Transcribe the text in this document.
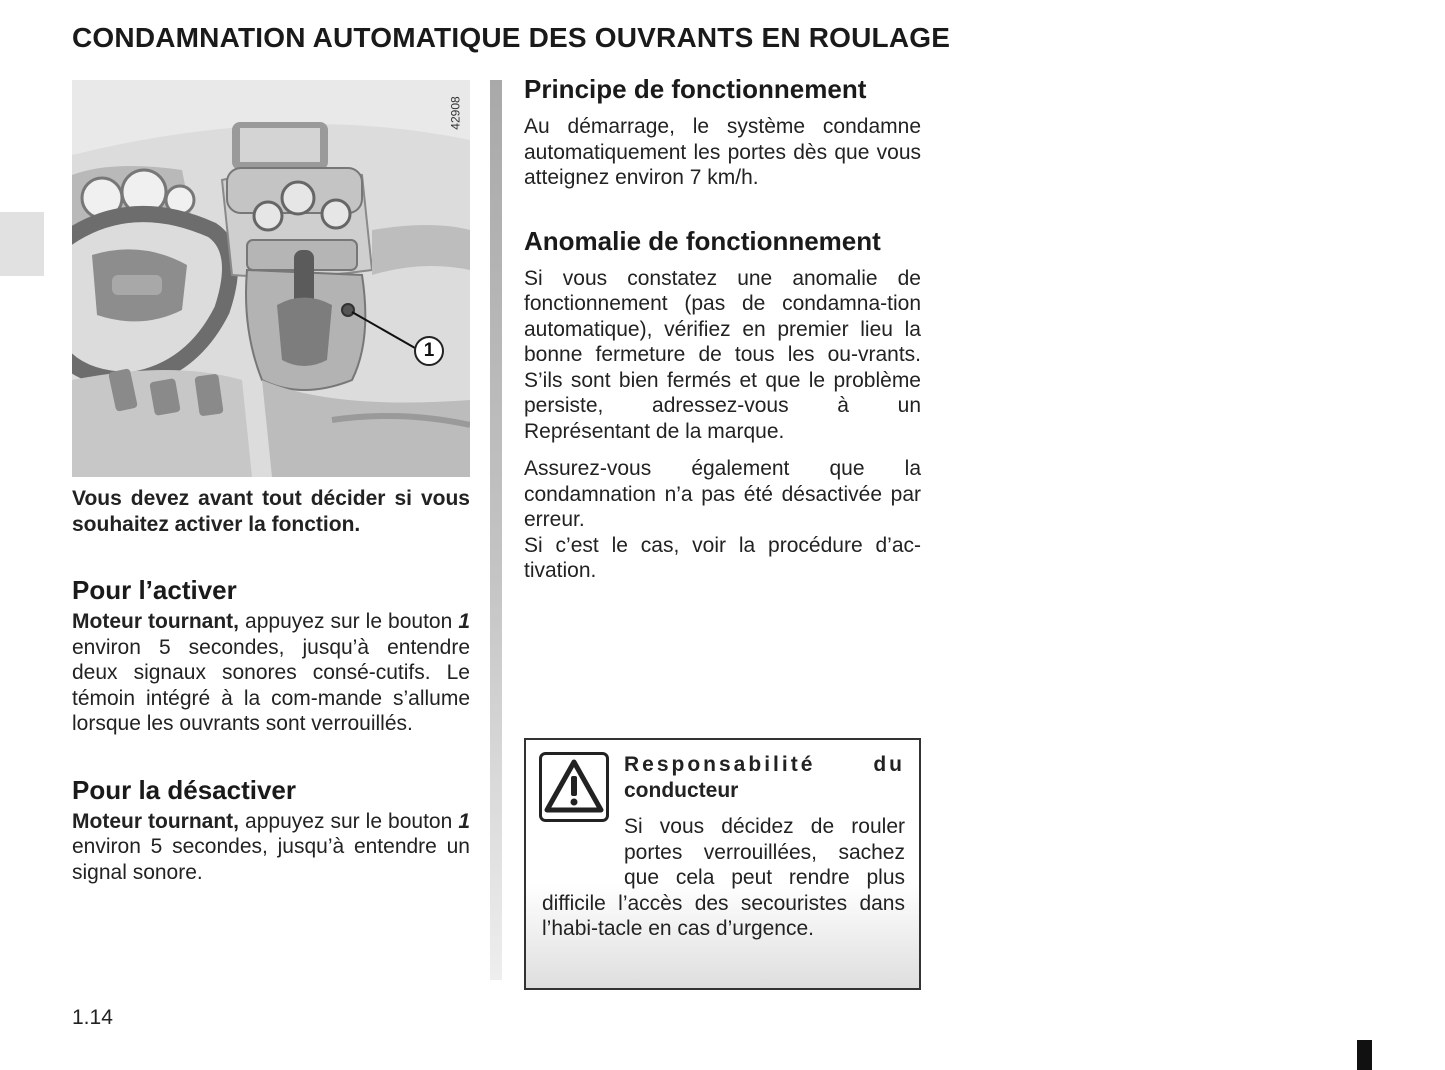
CONDAMNATION AUTOMATIQUE DES OUVRANTS EN ROULAGE
42908
1

Vous devez avant tout décider si vous souhaitez activer la fonction.

Pour l’activer

Moteur tournant, appuyez sur le bouton 1 environ 5 secondes, jusqu’à entendre deux signaux sonores consé-cutifs. Le témoin intégré à la com-mande s’allume lorsque les ouvrants sont verrouillés.

Pour la désactiver

Moteur tournant, appuyez sur le bouton 1 environ 5 secondes, jusqu’à entendre un signal sonore.

Principe de fonctionnement

Au démarrage, le système condamne automatiquement les portes dès que vous atteignez environ 7 km/h.

Anomalie de fonctionnement

Si vous constatez une anomalie de fonctionnement (pas de condamna-tion automatique), vérifiez en premier lieu la bonne fermeture de tous les ou-vrants. S’ils sont bien fermés et que le problème persiste, adressez-vous à un Représentant de la marque.

Assurez-vous également que la condamnation n’a pas été désactivée par erreur.
Si c’est le cas, voir la procédure d’ac-tivation.

Responsabilité	du
conducteur
Si vous décidez de rouler portes verrouillées, sachez que cela peut rendre plus difficile l’accès des secouristes dans l’habi-tacle en cas d’urgence.
1.14
